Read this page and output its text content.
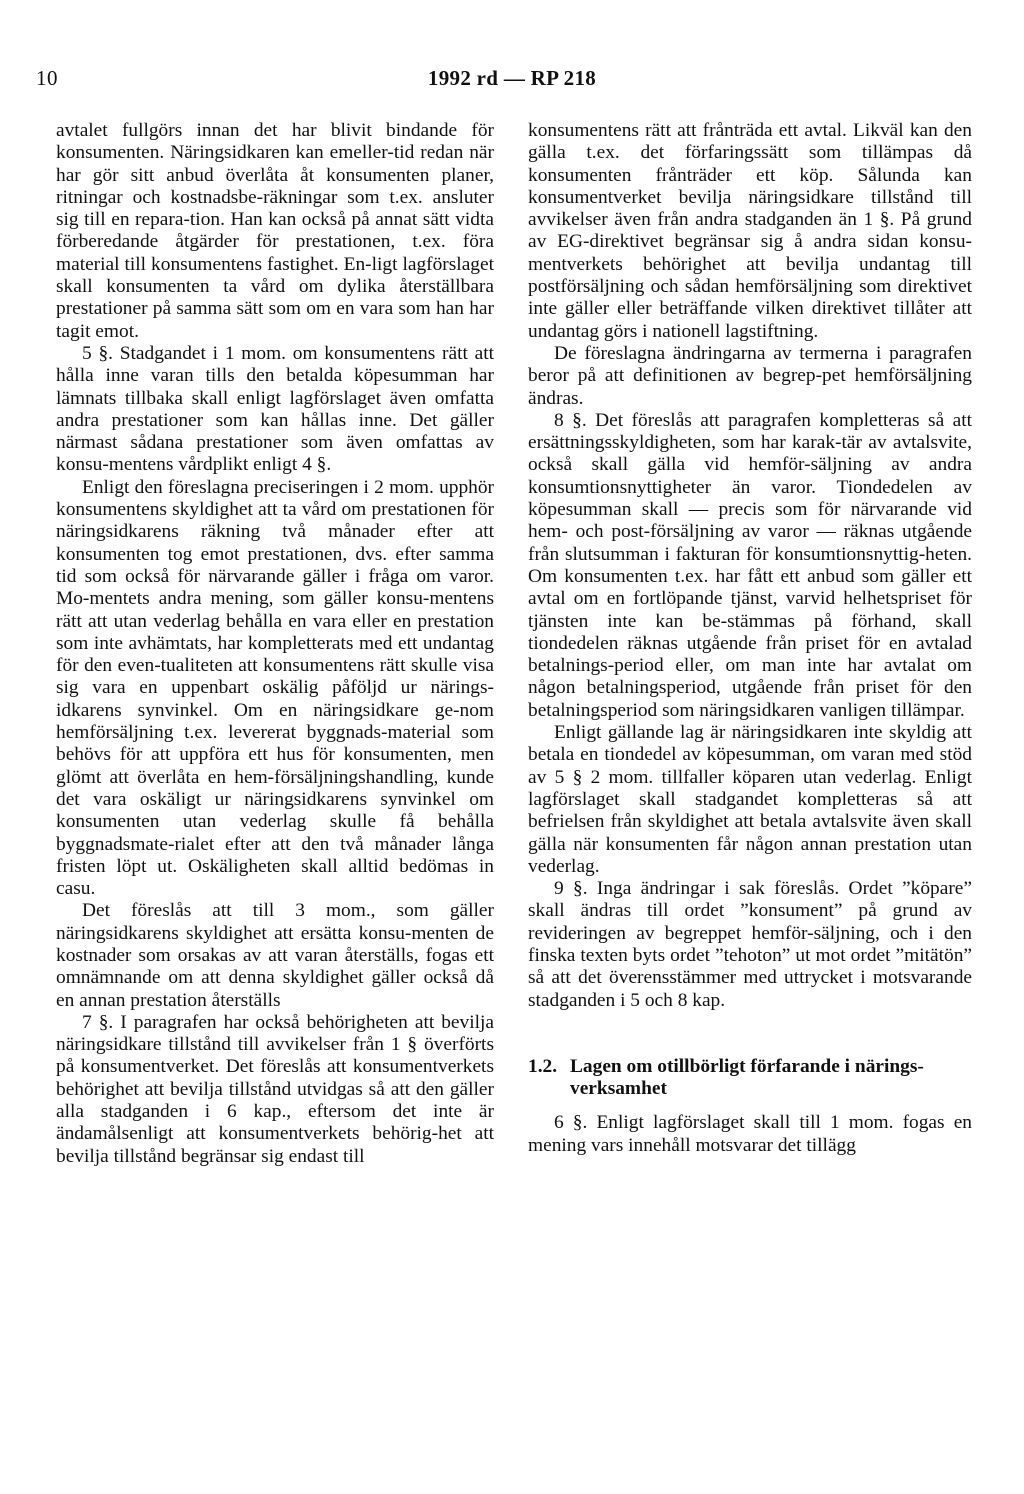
10	1992 rd — RP 218

avtalet fullgörs innan det har blivit bindande för konsumenten. Näringsidkaren kan emeller-tid redan när har gör sitt anbud överlåta åt konsumenten planer, ritningar och kostnadsbe-räkningar som t.ex. ansluter sig till en repara-tion. Han kan också på annat sätt vidta förberedande åtgärder för prestationen, t.ex. föra material till konsumentens fastighet. En-ligt lagförslaget skall konsumenten ta vård om dylika återställbara prestationer på samma sätt som om en vara som han har tagit emot.

5 §. Stadgandet i 1 mom. om konsumentens rätt att hålla inne varan tills den betalda köpesumman har lämnats tillbaka skall enligt lagförslaget även omfatta andra prestationer som kan hållas inne. Det gäller närmast sådana prestationer som även omfattas av konsu-mentens vårdplikt enligt 4 §.

Enligt den föreslagna preciseringen i 2 mom. upphör konsumentens skyldighet att ta vård om prestationen för näringsidkarens räkning två månader efter att konsumenten tog emot prestationen, dvs. efter samma tid som också för närvarande gäller i fråga om varor. Mo-mentets andra mening, som gäller konsu-mentens rätt att utan vederlag behålla en vara eller en prestation som inte avhämtats, har kompletterats med ett undantag för den even-tualiteten att konsumentens rätt skulle visa sig vara en uppenbart oskälig påföljd ur närings-idkarens synvinkel. Om en näringsidkare ge-nom hemförsäljning t.ex. levererat byggnads-material som behövs för att uppföra ett hus för konsumenten, men glömt att överlåta en hem-försäljningshandling, kunde det vara oskäligt ur näringsidkarens synvinkel om konsumenten utan vederlag skulle få behålla byggnadsmate-rialet efter att den två månader långa fristen löpt ut. Oskäligheten skall alltid bedömas in casu.

Det föreslås att till 3 mom., som gäller näringsidkarens skyldighet att ersätta konsu-menten de kostnader som orsakas av att varan återställs, fogas ett omnämnande om att denna skyldighet gäller också då en annan prestation återställs

7 §. I paragrafen har också behörigheten att bevilja näringsidkare tillstånd till avvikelser från 1 § överförts på konsumentverket. Det föreslås att konsumentverkets behörighet att bevilja tillstånd utvidgas så att den gäller alla stadganden i 6 kap., eftersom det inte är ändamålsenligt att konsumentverkets behörig-het att bevilja tillstånd begränsar sig endast till

konsumentens rätt att frånträda ett avtal. Likväl kan den gälla t.ex. det förfaringssätt som tillämpas då konsumenten frånträder ett köp. Sålunda kan konsumentverket bevilja näringsidkare tillstånd till avvikelser även från andra stadganden än 1 §. På grund av EG-direktivet begränsar sig å andra sidan konsu-mentverkets behörighet att bevilja undantag till postförsäljning och sådan hemförsäljning som direktivet inte gäller eller beträffande vilken direktivet tillåter att undantag görs i nationell lagstiftning.

De föreslagna ändringarna av termerna i paragrafen beror på att definitionen av begrep-pet hemförsäljning ändras.

8 §. Det föreslås att paragrafen kompletteras så att ersättningsskyldigheten, som har karak-tär av avtalsvite, också skall gälla vid hemför-säljning av andra konsumtionsnyttigheter än varor. Tiondedelen av köpesumman skall — precis som för närvarande vid hem- och post-försäljning av varor — räknas utgående från slutsumman i fakturan för konsumtionsnyttig-heten. Om konsumenten t.ex. har fått ett anbud som gäller ett avtal om en fortlöpande tjänst, varvid helhetspriset för tjänsten inte kan be-stämmas på förhand, skall tiondedelen räknas utgående från priset för en avtalad betalnings-period eller, om man inte har avtalat om någon betalningsperiod, utgående från priset för den betalningsperiod som näringsidkaren vanligen tillämpar.

Enligt gällande lag är näringsidkaren inte skyldig att betala en tiondedel av köpesumman, om varan med stöd av 5 § 2 mom. tillfaller köparen utan vederlag. Enligt lagförslaget skall stadgandet kompletteras så att befrielsen från skyldighet att betala avtalsvite även skall gälla när konsumenten får någon annan prestation utan vederlag.

9 §. Inga ändringar i sak föreslås. Ordet ”köpare” skall ändras till ordet ”konsument” på grund av revideringen av begreppet hemför-säljning, och i den finska texten byts ordet ”tehoton” ut mot ordet ”mitätön” så att det överensstämmer med uttrycket i motsvarande stadganden i 5 och 8 kap.

1.2. Lagen om otillbörligt förfarande i närings-verksamhet

6 §. Enligt lagförslaget skall till 1 mom. fogas en mening vars innehåll motsvarar det tillägg
